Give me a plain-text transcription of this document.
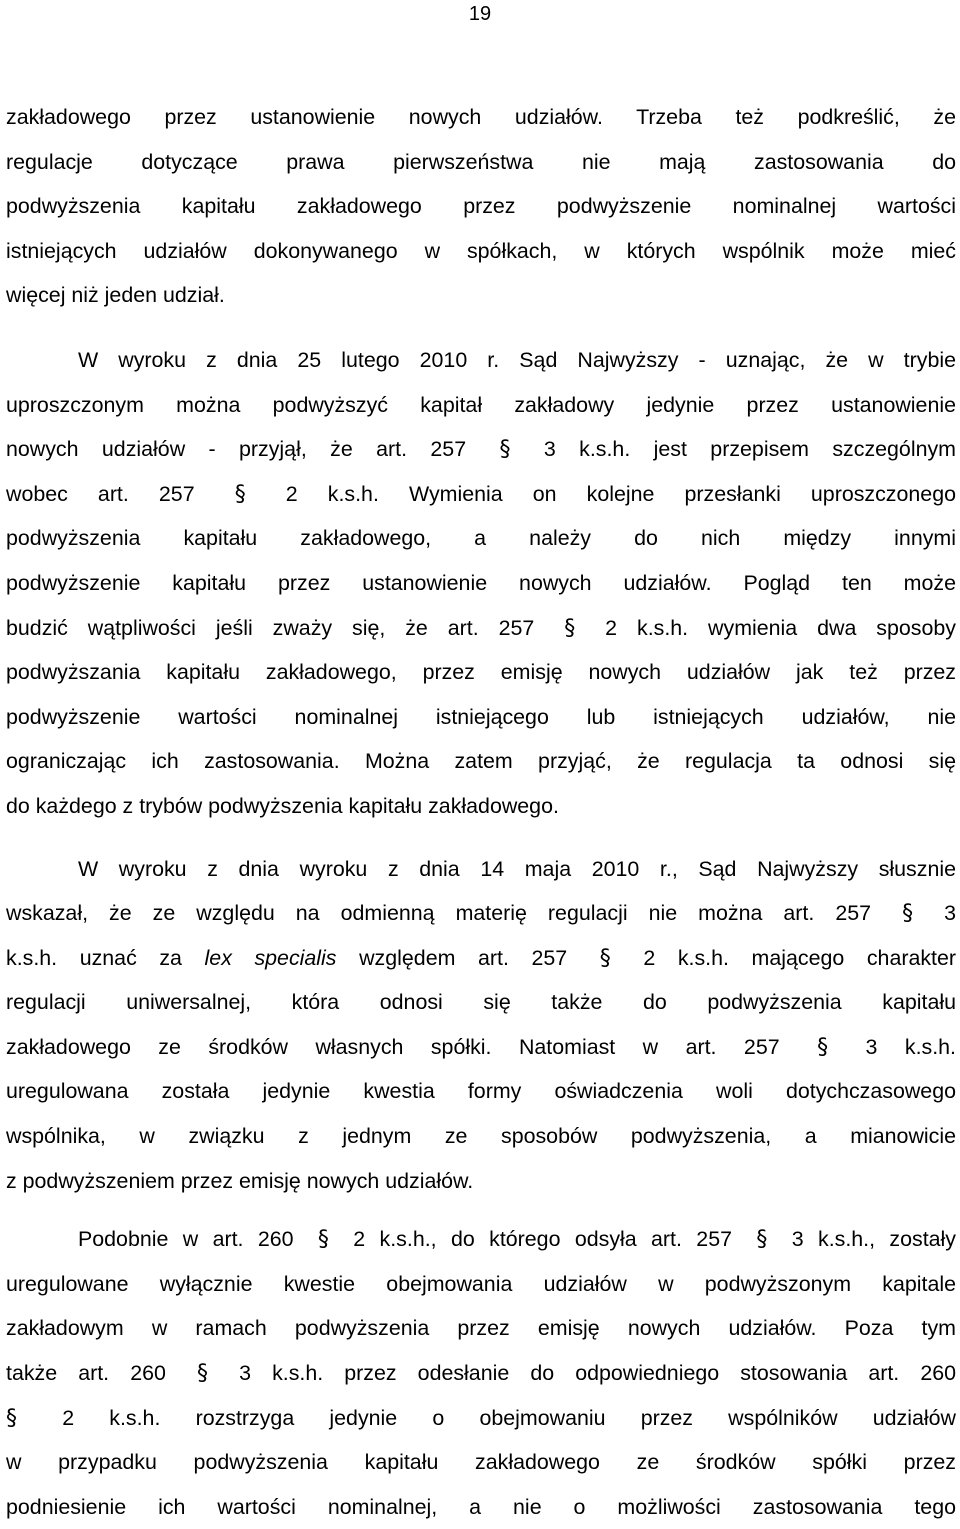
19
zakładowego przez ustanowienie nowych udziałów. Trzeba też podkreślić, że
regulacje dotyczące prawa pierwszeństwa nie mają zastosowania do
podwyższenia kapitału zakładowego przez podwyższenie nominalnej wartości
istniejących udziałów dokonywanego w spółkach, w których wspólnik może mieć
więcej niż jeden udział.
W wyroku z dnia 25 lutego 2010 r. Sąd Najwyższy - uznając, że w trybie
uproszczonym można podwyższyć kapitał zakładowy jedynie przez ustanowienie
nowych udziałów - przyjął, że art. 257 § 3 k.s.h. jest przepisem szczególnym
wobec art. 257 § 2 k.s.h. Wymienia on kolejne przesłanki uproszczonego
podwyższenia kapitału zakładowego, a należy do nich między innymi
podwyższenie kapitału przez ustanowienie nowych udziałów. Pogląd ten może
budzić wątpliwości jeśli zważy się, że art. 257 § 2 k.s.h. wymienia dwa sposoby
podwyższania kapitału zakładowego, przez emisję nowych udziałów jak też przez
podwyższenie wartości nominalnej istniejącego lub istniejących udziałów, nie
ograniczając ich zastosowania. Można zatem przyjąć, że regulacja ta odnosi się
do każdego z trybów podwyższenia kapitału zakładowego.
W wyroku z dnia wyroku z dnia 14 maja 2010 r., Sąd Najwyższy słusznie
wskazał, że ze względu na odmienną materię regulacji nie można art. 257 § 3
k.s.h. uznać za lex specialis względem art. 257 § 2 k.s.h. mającego charakter
regulacji uniwersalnej, która odnosi się także do podwyższenia kapitału
zakładowego ze środków własnych spółki. Natomiast w art. 257 § 3 k.s.h.
uregulowana została jedynie kwestia formy oświadczenia woli dotychczasowego
wspólnika, w związku z jednym ze sposobów podwyższenia, a mianowicie
z podwyższeniem przez emisję nowych udziałów.
Podobnie w art. 260 § 2 k.s.h., do którego odsyła art. 257 § 3 k.s.h., zostały
uregulowane wyłącznie kwestie obejmowania udziałów w podwyższonym kapitale
zakładowym w ramach podwyższenia przez emisję nowych udziałów. Poza tym
także art. 260 § 3 k.s.h. przez odesłanie do odpowiedniego stosowania art. 260
§ 2 k.s.h. rozstrzyga jedynie o obejmowaniu przez wspólników udziałów
w przypadku podwyższenia kapitału zakładowego ze środków spółki przez
podniesienie ich wartości nominalnej, a nie o możliwości zastosowania tego
